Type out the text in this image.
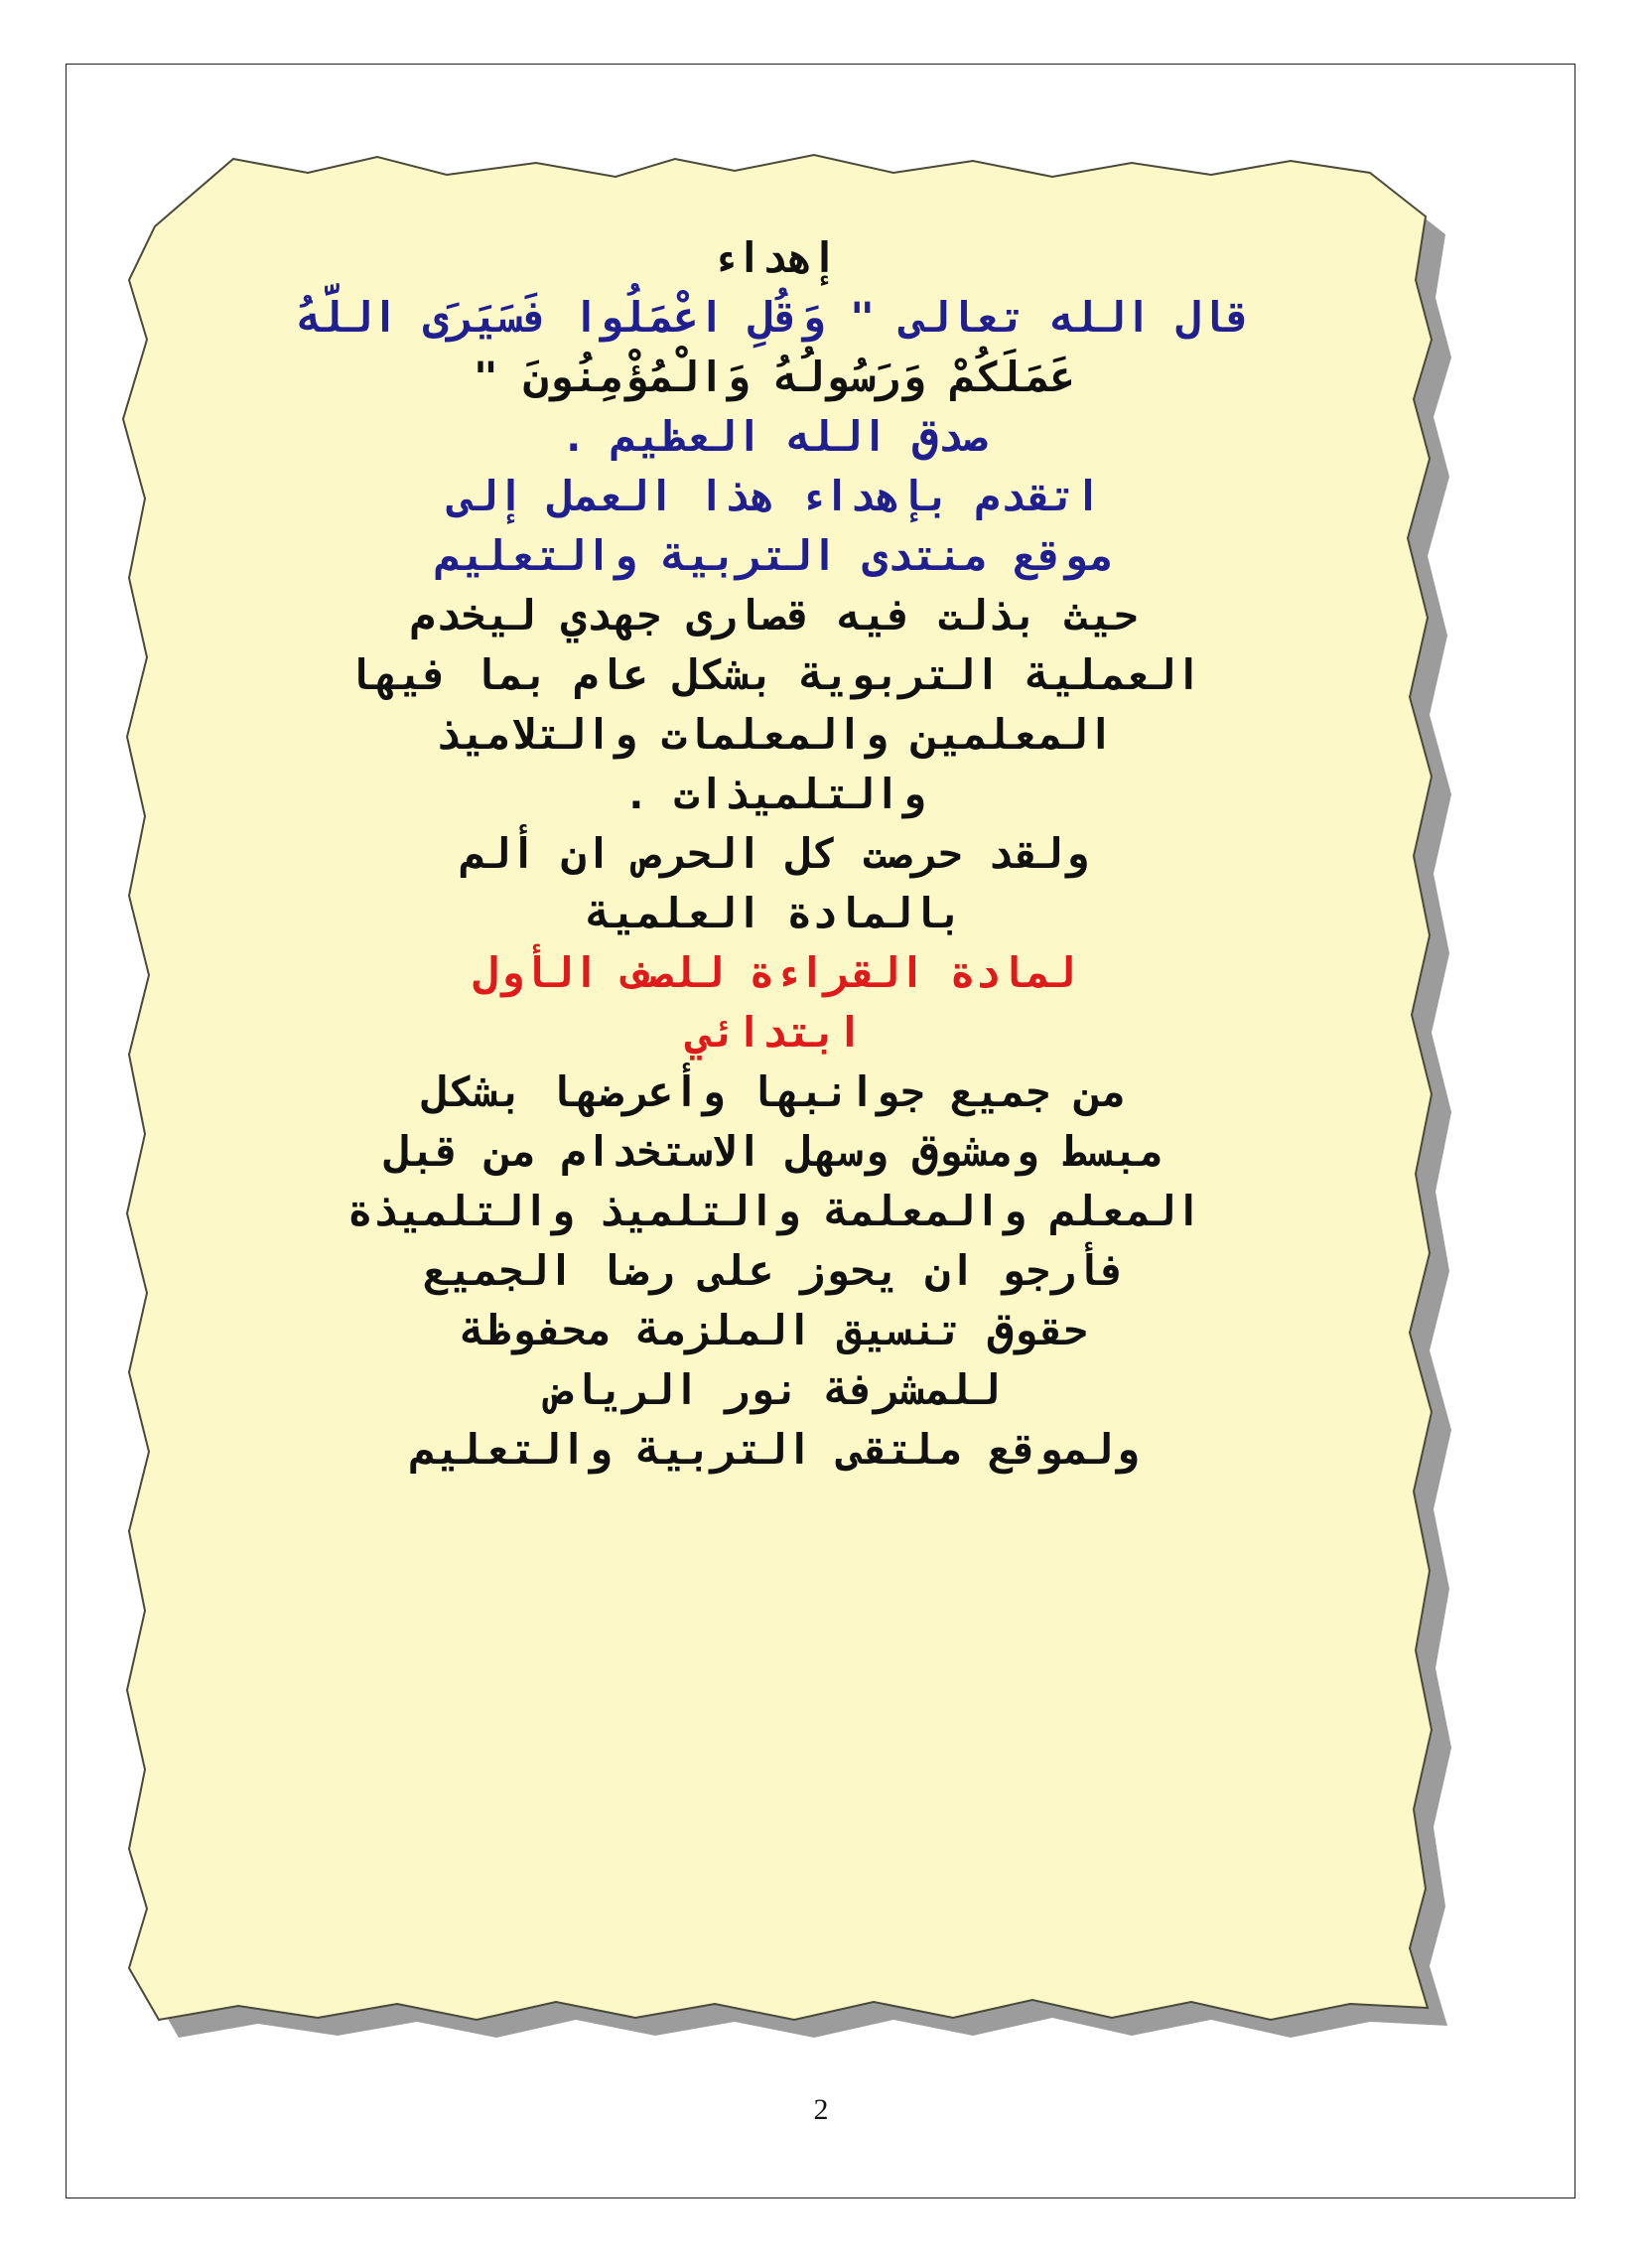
إهداء
قال الله تعالى " وَقُلِ اعْمَلُوا فَسَيَرَى اللَّهُ
عَمَلَكُمْ وَرَسُولُهُ وَالْمُؤْمِنُونَ "
صدق الله العظيم .
اتقدم بإهداء هذا العمل إلى
موقع منتدى التربية والتعليم
حيث بذلت فيه قصارى جهدي ليخدم
العملية التربوية بشكل عام بما فيها
المعلمين والمعلمات والتلاميذ
والتلميذات .
ولقد حرصت كل الحرص ان ألم
بالمادة العلمية
لمادة القراءة للصف الأول
ابتدائي
من جميع جوانبها وأعرضها بشكل
مبسط ومشوق وسهل الاستخدام من قبل
المعلم والمعلمة والتلميذ والتلميذة
فأرجو ان يحوز على رضا الجميع
حقوق تنسيق الملزمة محفوظة
للمشرفة نور الرياض
ولموقع ملتقى التربية والتعليم
2
